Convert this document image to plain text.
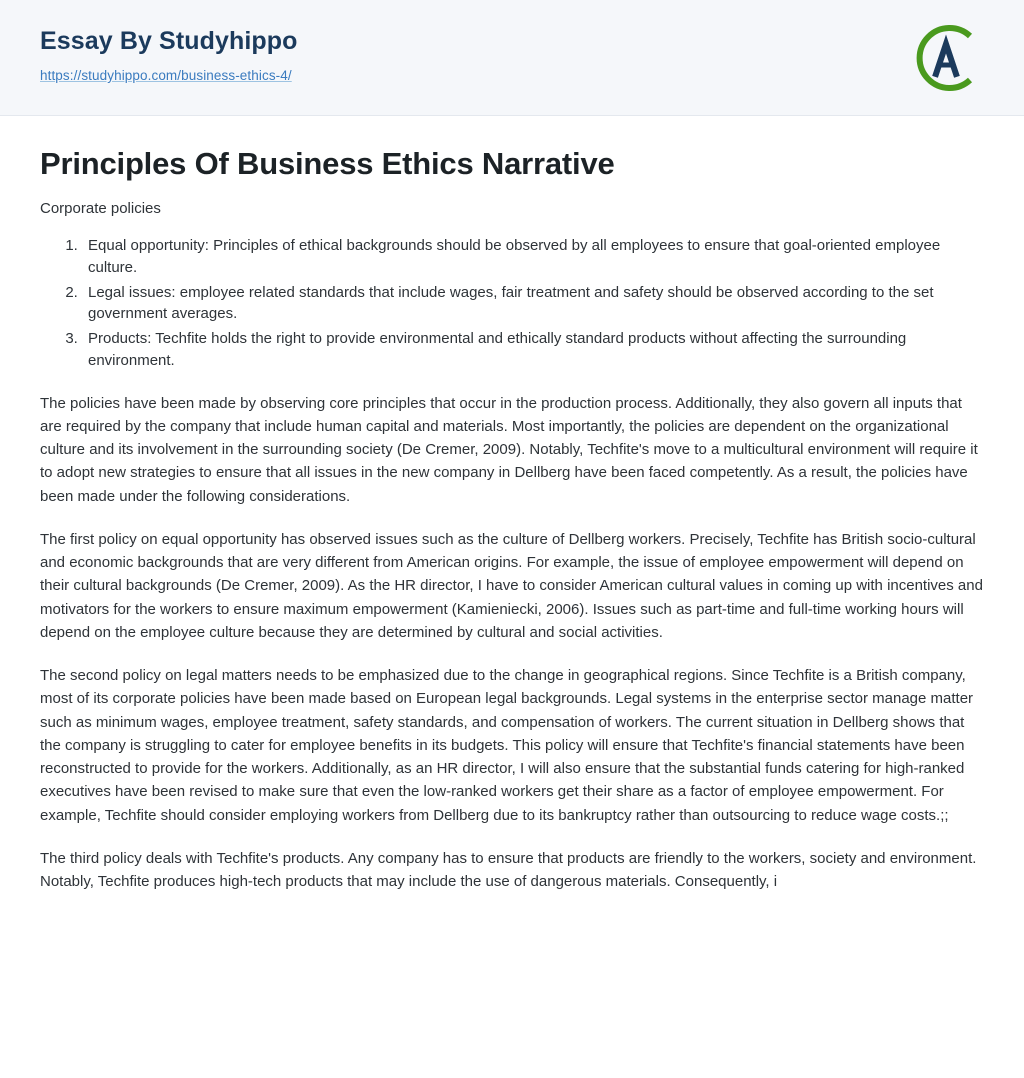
Essay By Studyhippo
https://studyhippo.com/business-ethics-4/
Principles Of Business Ethics Narrative

Corporate policies

1. Equal opportunity: Principles of ethical backgrounds should be observed by all employees to ensure that goal-oriented employee culture.
2. Legal issues: employee related standards that include wages, fair treatment and safety should be observed according to the set government averages.
3. Products: Techfite holds the right to provide environmental and ethically standard products without affecting the surrounding environment.

The policies have been made by observing core principles that occur in the production process. Additionally, they also govern all inputs that are required by the company that include human capital and materials. Most importantly, the policies are dependent on the organizational culture and its involvement in the surrounding society (De Cremer, 2009). Notably, Techfite's move to a multicultural environment will require it to adopt new strategies to ensure that all issues in the new company in Dellberg have been faced competently. As a result, the policies have been made under the following considerations.

The first policy on equal opportunity has observed issues such as the culture of Dellberg workers. Precisely, Techfite has British socio-cultural and economic backgrounds that are very different from American origins. For example, the issue of employee empowerment will depend on their cultural backgrounds (De Cremer, 2009). As the HR director, I have to consider American cultural values in coming up with incentives and motivators for the workers to ensure maximum empowerment (Kamieniecki, 2006). Issues such as part-time and full-time working hours will depend on the employee culture because they are determined by cultural and social activities.

The second policy on legal matters needs to be emphasized due to the change in geographical regions. Since Techfite is a British company, most of its corporate policies have been made based on European legal backgrounds. Legal systems in the enterprise sector manage matter such as minimum wages, employee treatment, safety standards, and compensation of workers. The current situation in Dellberg shows that the company is struggling to cater for employee benefits in its budgets. This policy will ensure that Techfite's financial statements have been reconstructed to provide for the workers. Additionally, as an HR director, I will also ensure that the substantial funds catering for high-ranked executives have been revised to make sure that even the low-ranked workers get their share as a factor of employee empowerment. For example, Techfite should consider employing workers from Dellberg due to its bankruptcy rather than outsourcing to reduce wage costs.;;

The third policy deals with Techfite's products. Any company has to ensure that products are friendly to the workers, society and environment. Notably, Techfite produces high-tech products that may include the use of dangerous materials. Consequently, i
